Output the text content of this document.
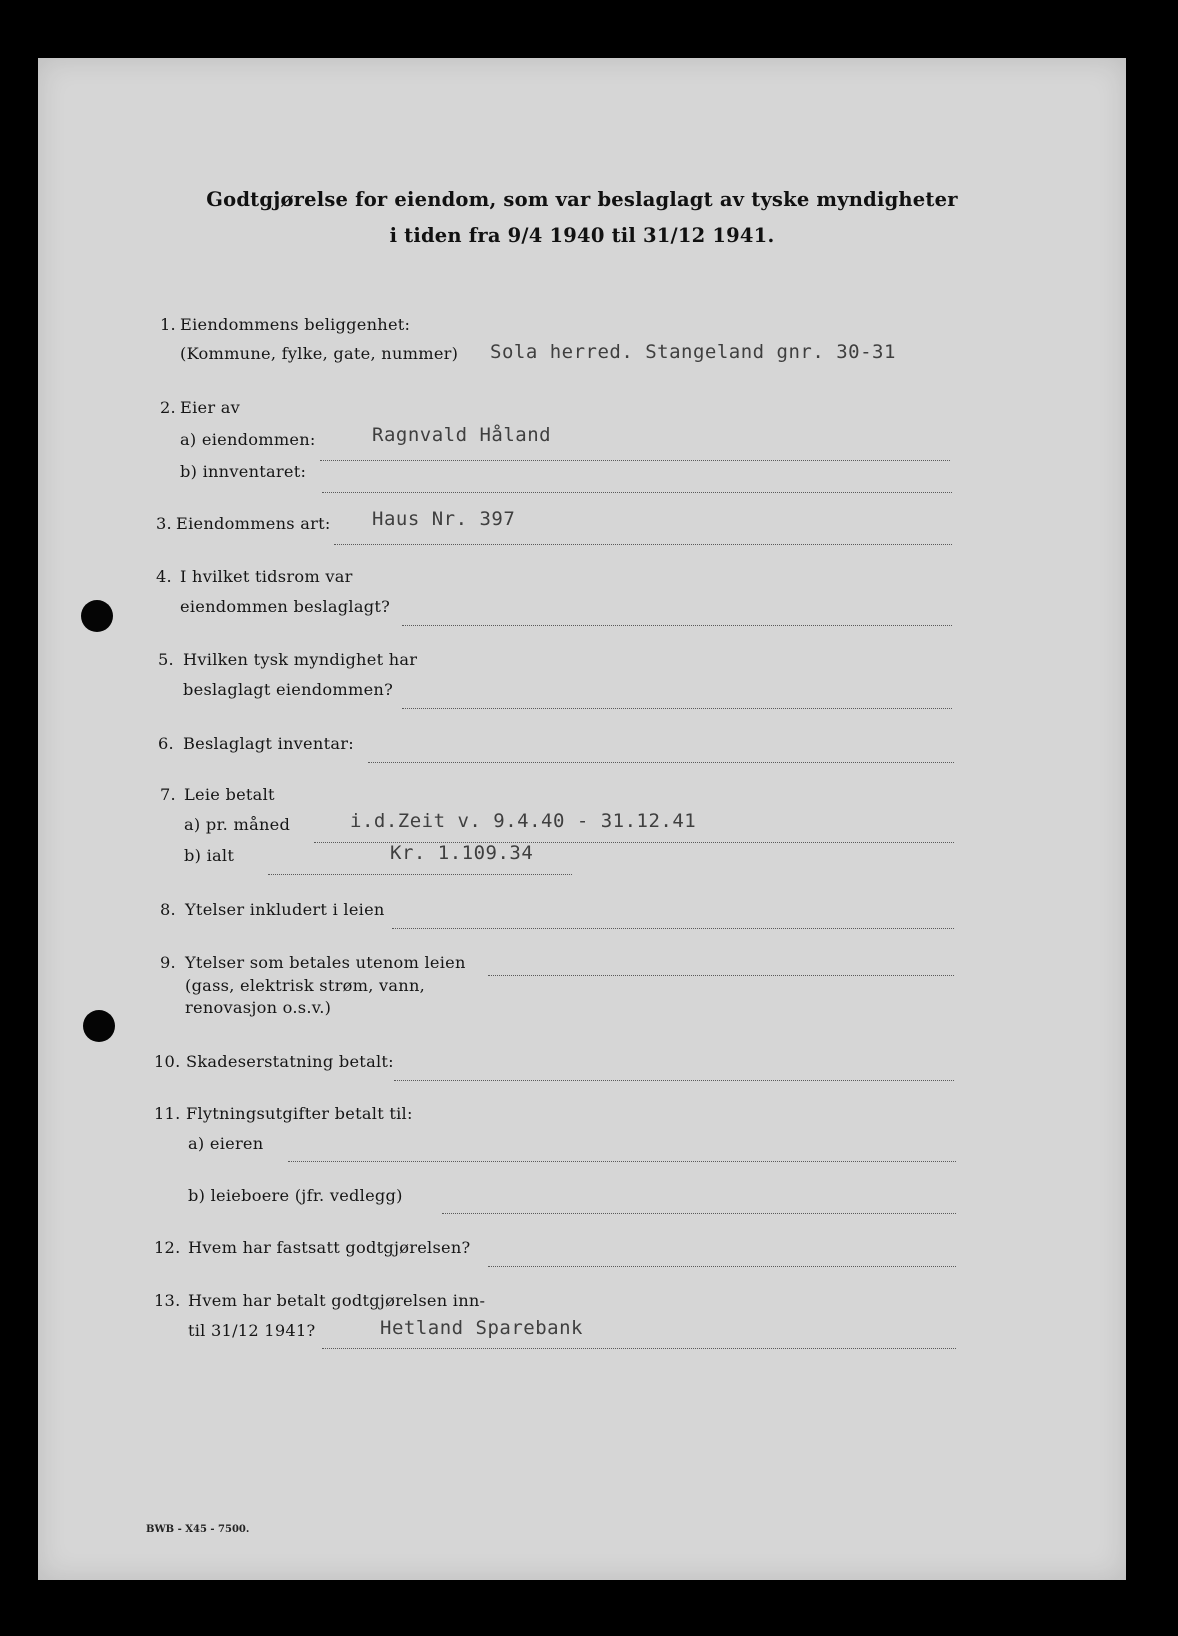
Godtgjørelse for eiendom, som var beslaglagt av tyske myndigheter
i tiden fra 9/4 1940 til 31/12 1941.
1. Eiendommens beliggenhet:
(Kommune, fylke, gate, nummer) Sola herred. Stangeland gnr. 30-31
2. Eier av
a) eiendommen:	Ragnvald Håland
b) innventaret:
3. Eiendommens art: Haus Nr. 397
4. I hvilket tidsrom var
eiendommen beslaglagt?
5. Hvilken tysk myndighet har
beslaglagt eiendommen?
6. Beslaglagt inventar:
7. Leie betalt
a) pr. måned	i.d.Zeit v. 9.4.40 - 31.12.41
b) ialt	Kr. 1.109.34
8. Ytelser inkludert i leien
9. Ytelser som betales utenom leien
(gass, elektrisk strøm, vann,
renovasjon o.s.v.)
10. Skadeserstatning betalt:
11. Flytningsutgifter betalt til:
a) eieren
b) leieboere (jfr. vedlegg)
12. Hvem har fastsatt godtgjørelsen?
13. Hvem har betalt godtgjørelsen inn-
til 31/12 1941?	Hetland Sparebank
BWB - X45 - 7500.
